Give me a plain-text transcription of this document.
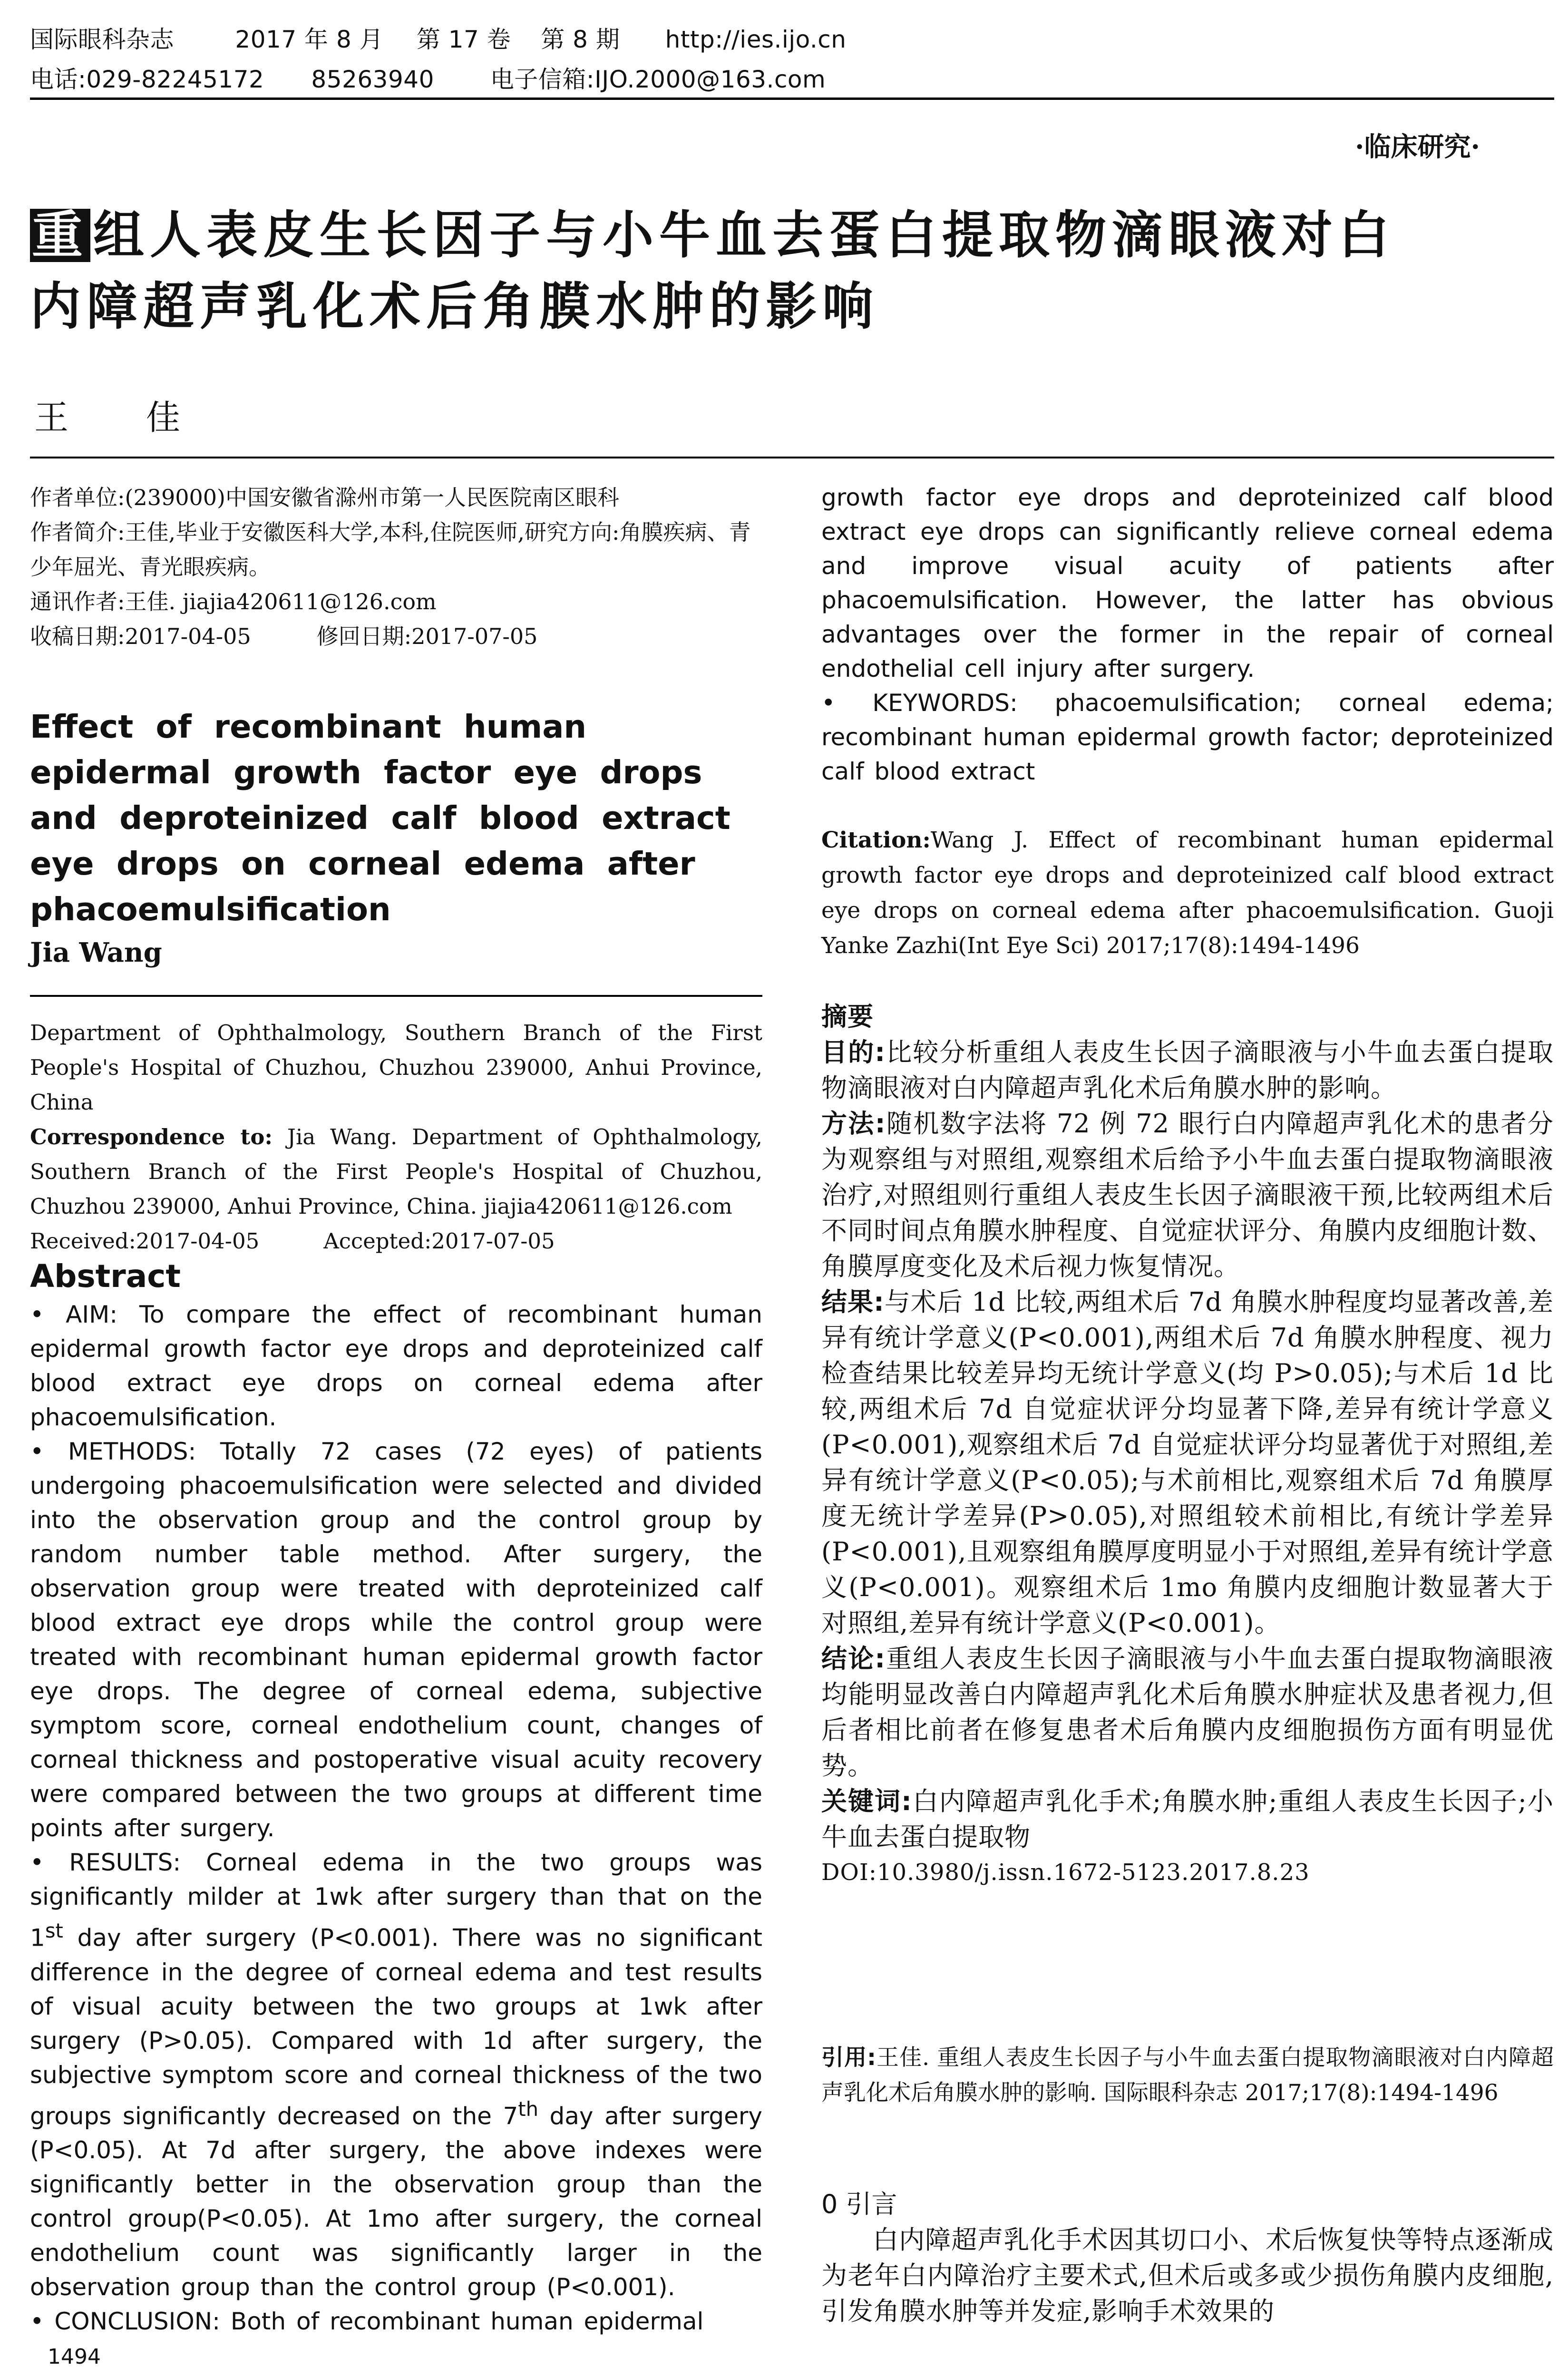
国际眼科杂志	2017 年 8 月 第 17 卷 第 8 期 http://ies.ijo.cn
电话:029-82245172 85263940 电子信箱:IJO.2000@163.com
·临床研究·
重组人表皮生长因子与小牛血去蛋白提取物滴眼液对白
内障超声乳化术后角膜水肿的影响
王 佳

作者单位:(239000)中国安徽省滁州市第一人民医院南区眼科

作者简介:王佳,毕业于安徽医科大学,本科,住院医师,研究方向:角膜疾病、青少年屈光、青光眼疾病。

通讯作者:王佳. jiajia420611@126.com

收稿日期:2017-04-05　　　修回日期:2017-07-05

Effect of recombinant human epidermal growth factor eye drops and deproteinized calf blood extract eye drops on corneal edema after phacoemulsification
Jia Wang

Department of Ophthalmology, Southern Branch of the First People's Hospital of Chuzhou, Chuzhou 239000, Anhui Province, China

Correspondence to: Jia Wang. Department of Ophthalmology, Southern Branch of the First People's Hospital of Chuzhou, Chuzhou 239000, Anhui Province, China. jiajia420611@126.com

Received:2017-04-05　　　Accepted:2017-07-05

Abstract

• AIM: To compare the effect of recombinant human epidermal growth factor eye drops and deproteinized calf blood extract eye drops on corneal edema after phacoemulsification.

• METHODS: Totally 72 cases (72 eyes) of patients undergoing phacoemulsification were selected and divided into the observation group and the control group by random number table method. After surgery, the observation group were treated with deproteinized calf blood extract eye drops while the control group were treated with recombinant human epidermal growth factor eye drops. The degree of corneal edema, subjective symptom score, corneal endothelium count, changes of corneal thickness and postoperative visual acuity recovery were compared between the two groups at different time points after surgery.

• RESULTS: Corneal edema in the two groups was significantly milder at 1wk after surgery than that on the 1st day after surgery (P<0.001). There was no significant difference in the degree of corneal edema and test results of visual acuity between the two groups at 1wk after surgery (P>0.05). Compared with 1d after surgery, the subjective symptom score and corneal thickness of the two groups significantly decreased on the 7th day after surgery (P<0.05). At 7d after surgery, the above indexes were significantly better in the observation group than the control group(P<0.05). At 1mo after surgery, the corneal endothelium count was significantly larger in the observation group than the control group (P<0.001).

• CONCLUSION: Both of recombinant human epidermal

1494

growth factor eye drops and deproteinized calf blood extract eye drops can significantly relieve corneal edema and improve visual acuity of patients after phacoemulsification. However, the latter has obvious advantages over the former in the repair of corneal endothelial cell injury after surgery.

• KEYWORDS: phacoemulsification; corneal edema; recombinant human epidermal growth factor; deproteinized calf blood extract

Citation:Wang J. Effect of recombinant human epidermal growth factor eye drops and deproteinized calf blood extract eye drops on corneal edema after phacoemulsification. Guoji Yanke Zazhi(Int Eye Sci) 2017;17(8):1494-1496

摘要

目的:比较分析重组人表皮生长因子滴眼液与小牛血去蛋白提取物滴眼液对白内障超声乳化术后角膜水肿的影响。

方法:随机数字法将 72 例 72 眼行白内障超声乳化术的患者分为观察组与对照组,观察组术后给予小牛血去蛋白提取物滴眼液治疗,对照组则行重组人表皮生长因子滴眼液干预,比较两组术后不同时间点角膜水肿程度、自觉症状评分、角膜内皮细胞计数、角膜厚度变化及术后视力恢复情况。

结果:与术后 1d 比较,两组术后 7d 角膜水肿程度均显著改善,差异有统计学意义(P<0.001),两组术后 7d 角膜水肿程度、视力检查结果比较差异均无统计学意义(均 P>0.05);与术后 1d 比较,两组术后 7d 自觉症状评分均显著下降,差异有统计学意义(P<0.001),观察组术后 7d 自觉症状评分均显著优于对照组,差异有统计学意义(P<0.05);与术前相比,观察组术后 7d 角膜厚度无统计学差异(P>0.05),对照组较术前相比,有统计学差异(P<0.001),且观察组角膜厚度明显小于对照组,差异有统计学意义(P<0.001)。观察组术后 1mo 角膜内皮细胞计数显著大于对照组,差异有统计学意义(P<0.001)。

结论:重组人表皮生长因子滴眼液与小牛血去蛋白提取物滴眼液均能明显改善白内障超声乳化术后角膜水肿症状及患者视力,但后者相比前者在修复患者术后角膜内皮细胞损伤方面有明显优势。

关键词:白内障超声乳化手术;角膜水肿;重组人表皮生长因子;小牛血去蛋白提取物

DOI:10.3980/j.issn.1672-5123.2017.8.23

引用:王佳. 重组人表皮生长因子与小牛血去蛋白提取物滴眼液对白内障超声乳化术后角膜水肿的影响. 国际眼科杂志 2017;17(8):1494-1496
0 引言
白内障超声乳化手术因其切口小、术后恢复快等特点逐渐成为老年白内障治疗主要术式,但术后或多或少损伤角膜内皮细胞,引发角膜水肿等并发症,影响手术效果的
